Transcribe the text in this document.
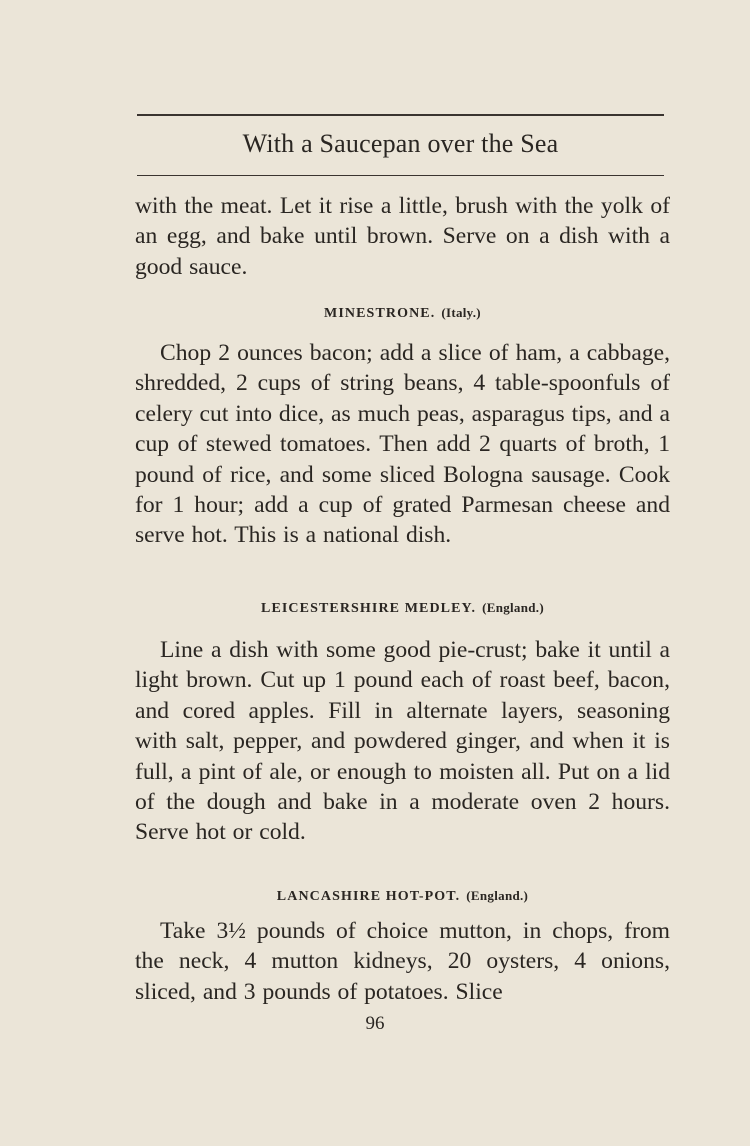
With a Saucepan over the Sea

with the meat. Let it rise a little, brush with the yolk of an egg, and bake until brown. Serve on a dish with a good sauce.

MINESTRONE. (Italy.)

Chop 2 ounces bacon; add a slice of ham, a cabbage, shredded, 2 cups of string beans, 4 table-spoonfuls of celery cut into dice, as much peas, asparagus tips, and a cup of stewed tomatoes. Then add 2 quarts of broth, 1 pound of rice, and some sliced Bologna sausage. Cook for 1 hour; add a cup of grated Parmesan cheese and serve hot. This is a national dish.

LEICESTERSHIRE MEDLEY. (England.)

Line a dish with some good pie-crust; bake it until a light brown. Cut up 1 pound each of roast beef, bacon, and cored apples. Fill in alternate layers, seasoning with salt, pepper, and powdered ginger, and when it is full, a pint of ale, or enough to moisten all. Put on a lid of the dough and bake in a moderate oven 2 hours. Serve hot or cold.

LANCASHIRE HOT-POT. (England.)

Take 3½ pounds of choice mutton, in chops, from the neck, 4 mutton kidneys, 20 oysters, 4 onions, sliced, and 3 pounds of potatoes. Slice

96
